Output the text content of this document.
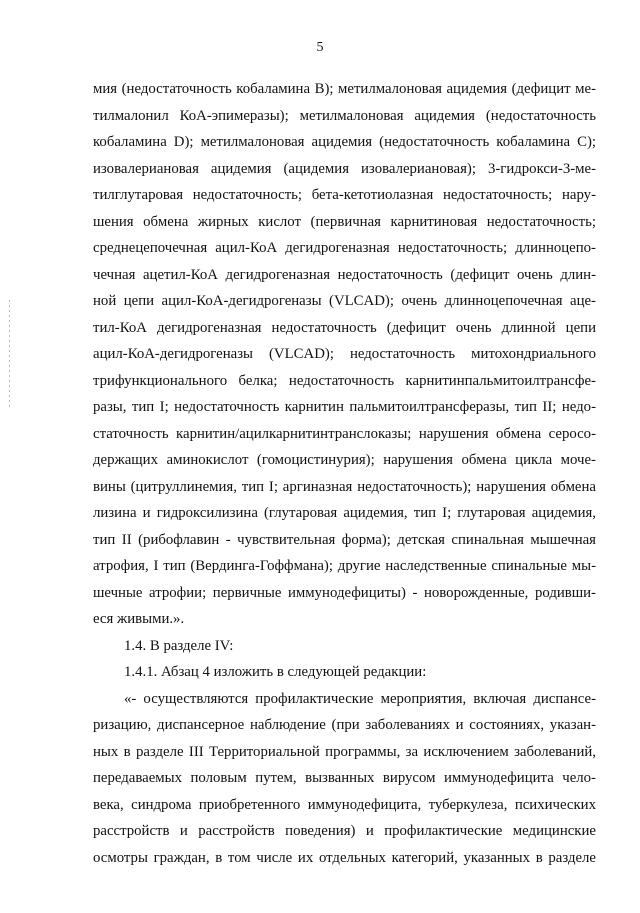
5
мия (недостаточность кобаламина В); метилмалоновая ацидемия (дефицит ме-
тилмалонил КоА-эпимеразы); метилмалоновая ацидемия (недостаточность
кобаламина D); метилмалоновая ацидемия (недостаточность кобаламина С);
изовалериановая ацидемия (ацидемия изовалериановая); 3-гидрокси-3-ме-
тилглутаровая недостаточность; бета-кетотиолазная недостаточность; нару-
шения обмена жирных кислот (первичная карнитиновая недостаточность;
среднецепочечная ацил-КоА дегидрогеназная недостаточность; длинноцепо-
чечная ацетил-КоА дегидрогеназная недостаточность (дефицит очень длин-
ной цепи ацил-КоА-дегидрогеназы (VLCAD); очень длинноцепочечная аце-
тил-КоА дегидрогеназная недостаточность (дефицит очень длинной цепи
ацил-КоА-дегидрогеназы (VLCAD); недостаточность митохондриального
трифункционального белка; недостаточность карнитинпальмитоилтрансфе-
разы, тип I; недостаточность карнитин пальмитоилтрансферазы, тип II; недо-
статочность карнитин/ацилкарнитинтранслоказы; нарушения обмена серосо-
держащих аминокислот (гомоцистинурия); нарушения обмена цикла моче-
вины (цитруллинемия, тип I; аргиназная недостаточность); нарушения обмена
лизина и гидроксилизина (глутаровая ацидемия, тип I; глутаровая ацидемия,
тип II (рибофлавин - чувствительная форма); детская спинальная мышечная
атрофия, I тип (Вердинга-Гоффмана); другие наследственные спинальные мы-
шечные атрофии; первичные иммунодефициты) - новорожденные, родивши-
еся живыми.».
1.4. В разделе IV:
1.4.1. Абзац 4 изложить в следующей редакции:
«- осуществляются профилактические мероприятия, включая диспансе-
ризацию, диспансерное наблюдение (при заболеваниях и состояниях, указан-
ных в разделе III Территориальной программы, за исключением заболеваний,
передаваемых половым путем, вызванных вирусом иммунодефицита чело-
века, синдрома приобретенного иммунодефицита, туберкулеза, психических
расстройств и расстройств поведения) и профилактические медицинские
осмотры граждан, в том числе их отдельных категорий, указанных в разделе
